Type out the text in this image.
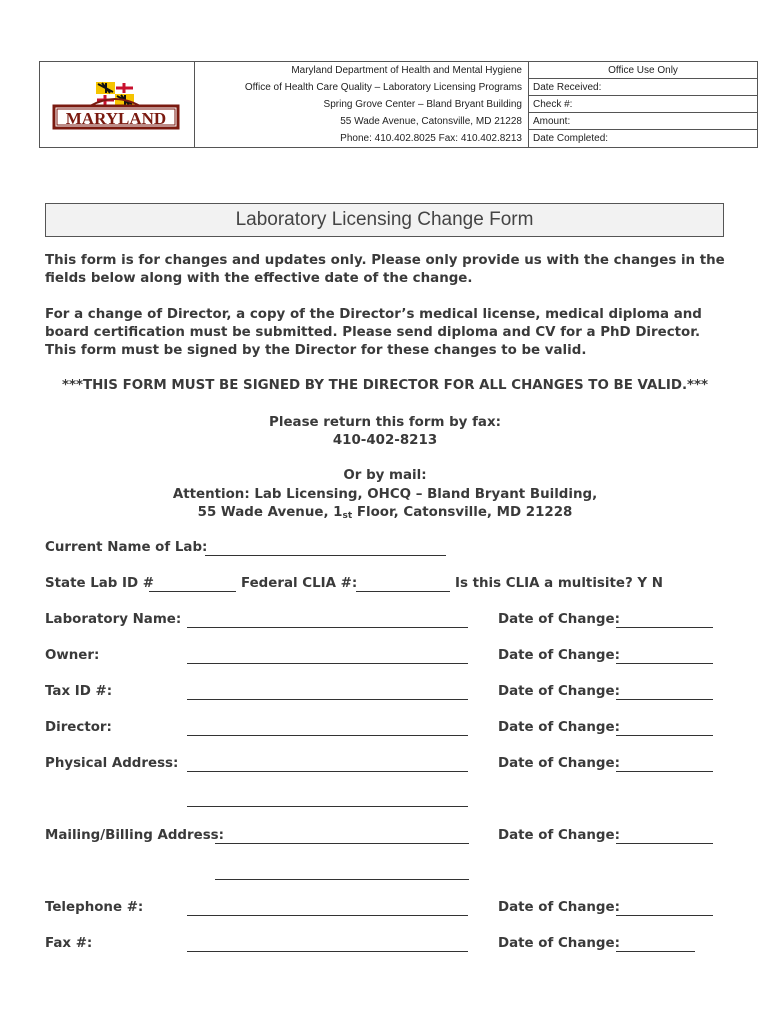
MARYLAND
Maryland Department of Health and Mental Hygiene
Office of Health Care Quality – Laboratory Licensing Programs
Spring Grove Center – Bland Bryant Building
55 Wade Avenue, Catonsville, MD 21228
Phone: 410.402.8025 Fax: 410.402.8213
Office Use Only
Date Received:
Check #:
Amount:
Date Completed:
Laboratory Licensing Change Form
This form is for changes and updates only. Please only provide us with the changes in the fields below along with the effective date of the change.
For a change of Director, a copy of the Director’s medical license, medical diploma and board certification must be submitted. Please send diploma and CV for a PhD Director. This form must be signed by the Director for these changes to be valid.
***THIS FORM MUST BE SIGNED BY THE DIRECTOR FOR ALL CHANGES TO BE VALID.***
Please return this form by fax:
410-402-8213
Or by mail:
Attention: Lab Licensing, OHCQ – Bland Bryant Building,
55 Wade Avenue, 1st Floor, Catonsville, MD 21228
Current Name of Lab:
State Lab ID #	Federal CLIA #:	Is this CLIA a multisite? Y N
Laboratory Name:	Date of Change:
Owner:	Date of Change:
Tax ID #:	Date of Change:
Director:	Date of Change:
Physical Address:	Date of Change:
Mailing/Billing Address:	Date of Change:
Telephone #:	Date of Change:
Fax #:	Date of Change:
